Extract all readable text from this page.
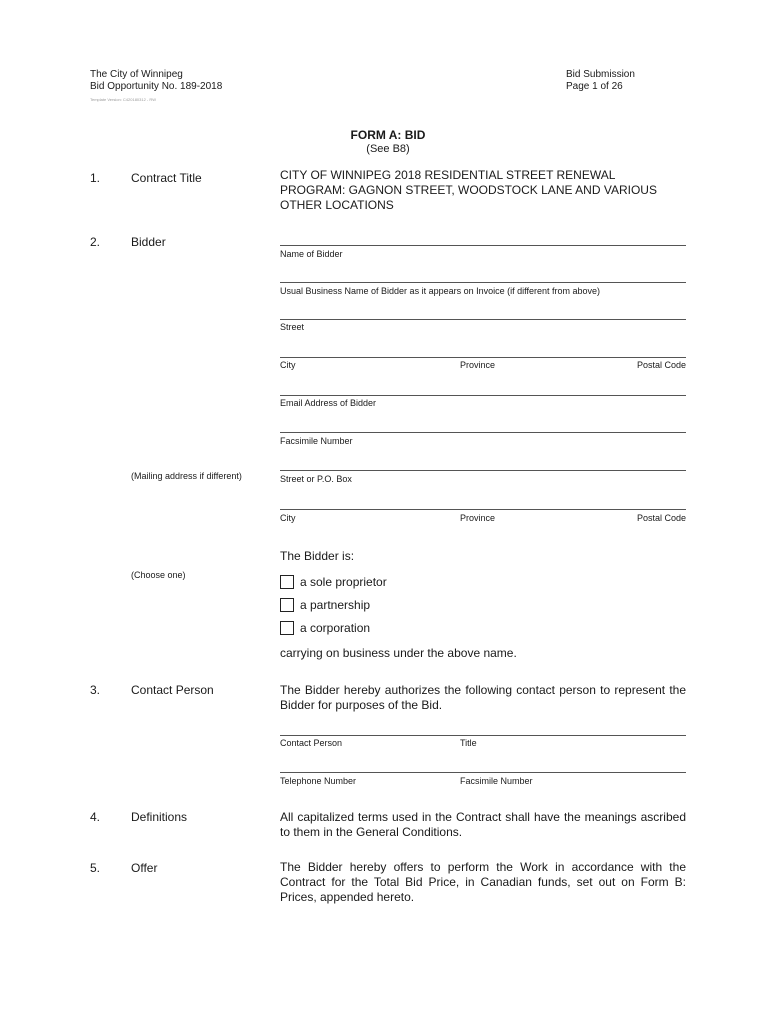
The City of Winnipeg
Bid Opportunity No. 189-2018
Template Version: C420180312 - RW
Bid Submission
Page 1 of 26
FORM A: BID
(See B8)
1.	Contract Title	CITY OF WINNIPEG 2018 RESIDENTIAL STREET RENEWAL
PROGRAM: GAGNON STREET, WOODSTOCK LANE AND VARIOUS
OTHER LOCATIONS
2.	Bidder
Name of Bidder
Usual Business Name of Bidder as it appears on Invoice (if different from above)
Street
City	Province	Postal Code
Email Address of Bidder
Facsimile Number
(Mailing address if different)	Street or P.O. Box
City	Province	Postal Code
The Bidder is:
(Choose one)	a sole proprietor
a partnership
a corporation
carrying on business under the above name.
3.	Contact Person	The Bidder hereby authorizes the following contact person to represent the Bidder for purposes of the Bid.
Contact Person	Title
Telephone Number	Facsimile Number
4.	Definitions	All capitalized terms used in the Contract shall have the meanings ascribed to them in the General Conditions.
5.	Offer	The Bidder hereby offers to perform the Work in accordance with the Contract for the Total Bid Price, in Canadian funds, set out on Form B: Prices, appended hereto.
